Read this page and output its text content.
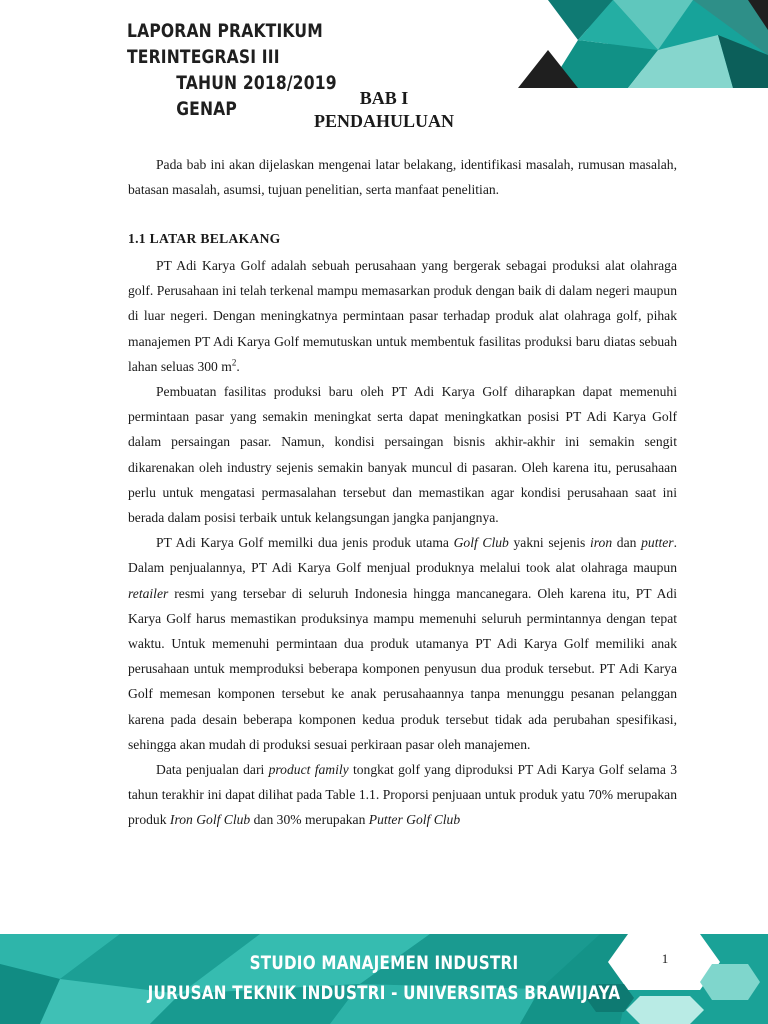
LAPORAN PRAKTIKUM TERINTEGRASI III
TAHUN 2018/2019 GENAP	BAB I
PENDAHULUAN

Pada bab ini akan dijelaskan mengenai latar belakang, identifikasi masalah, rumusan masalah, batasan masalah, asumsi, tujuan penelitian, serta manfaat penelitian.

1.1 LATAR BELAKANG

PT Adi Karya Golf adalah sebuah perusahaan yang bergerak sebagai produksi alat olahraga golf. Perusahaan ini telah terkenal mampu memasarkan produk dengan baik di dalam negeri maupun di luar negeri. Dengan meningkatnya permintaan pasar terhadap produk alat olahraga golf, pihak manajemen PT Adi Karya Golf memutuskan untuk membentuk fasilitas produksi baru diatas sebuah lahan seluas 300 $m^2$.

Pembuatan fasilitas produksi baru oleh PT Adi Karya Golf diharapkan dapat memenuhi permintaan pasar yang semakin meningkat serta dapat meningkatkan posisi PT Adi Karya Golf dalam persaingan pasar. Namun, kondisi persaingan bisnis akhir-akhir ini semakin sengit dikarenakan oleh industry sejenis semakin banyak muncul di pasaran. Oleh karena itu, perusahaan perlu untuk mengatasi permasalahan tersebut dan memastikan agar kondisi perusahaan saat ini berada dalam posisi terbaik untuk kelangsungan jangka panjangnya.

PT Adi Karya Golf memilki dua jenis produk utama Golf Club yakni sejenis iron dan putter. Dalam penjualannya, PT Adi Karya Golf menjual produknya melalui took alat olahraga maupun retailer resmi yang tersebar di seluruh Indonesia hingga mancanegara. Oleh karena itu, PT Adi Karya Golf harus memastikan produksinya mampu memenuhi seluruh permintannya dengan tepat waktu. Untuk memenuhi permintaan dua produk utamanya PT Adi Karya Golf memiliki anak perusahaan untuk memproduksi beberapa komponen penyusun dua produk tersebut. PT Adi Karya Golf memesan komponen tersebut ke anak perusahaannya tanpa menunggu pesanan pelanggan karena pada desain beberapa komponen kedua produk tersebut tidak ada perubahan spesifikasi, sehingga akan mudah di produksi sesuai perkiraan pasar oleh manajemen.

Data penjualan dari product family tongkat golf yang diproduksi PT Adi Karya Golf selama 3 tahun terakhir ini dapat dilihat pada Table 1.1. Proporsi penjuaan untuk produk yatu 70% merupakan produk Iron Golf Club dan 30% merupakan Putter Golf Club

STUDIO MANAJEMEN INDUSTRI
JURUSAN TEKNIK INDUSTRI - UNIVERSITAS BRAWIJAYA
1
